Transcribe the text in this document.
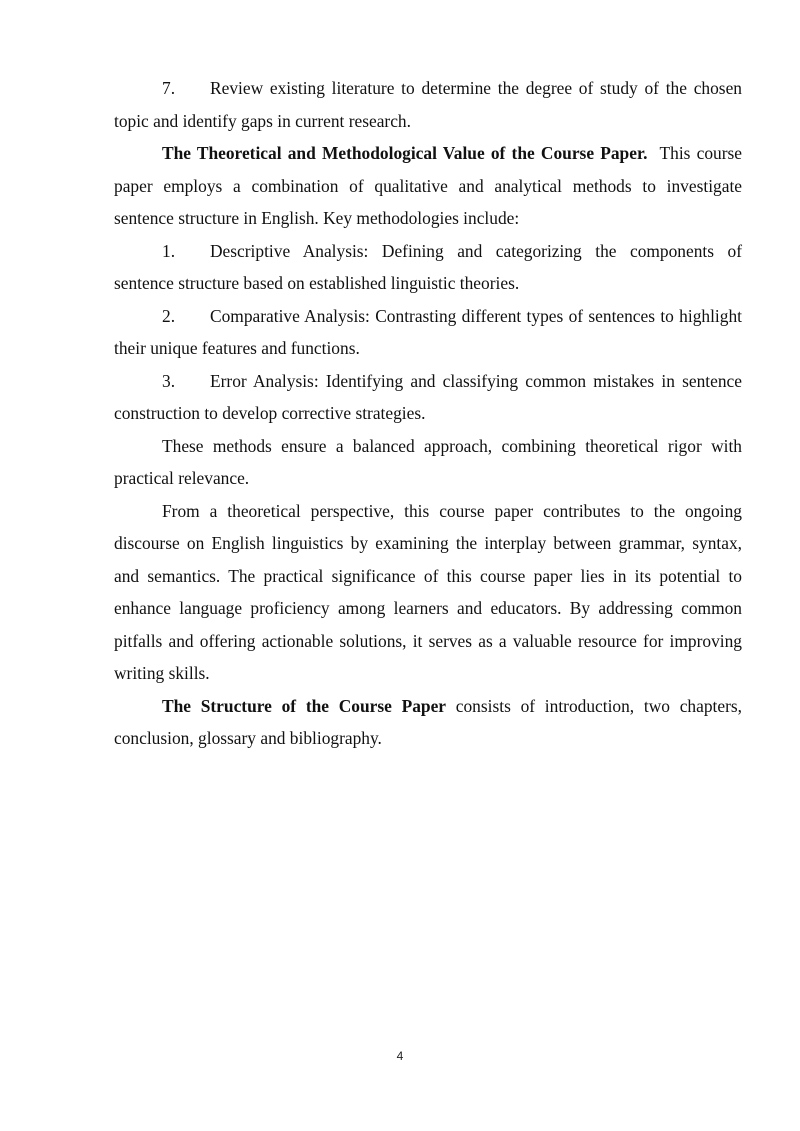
7. Review existing literature to determine the degree of study of the chosen topic and identify gaps in current research.

The Theoretical and Methodological Value of the Course Paper. This course paper employs a combination of qualitative and analytical methods to investigate sentence structure in English. Key methodologies include:

1. Descriptive Analysis: Defining and categorizing the components of sentence structure based on established linguistic theories.

2. Comparative Analysis: Contrasting different types of sentences to highlight their unique features and functions.

3. Error Analysis: Identifying and classifying common mistakes in sentence construction to develop corrective strategies.

These methods ensure a balanced approach, combining theoretical rigor with practical relevance.

From a theoretical perspective, this course paper contributes to the ongoing discourse on English linguistics by examining the interplay between grammar, syntax, and semantics. The practical significance of this course paper lies in its potential to enhance language proficiency among learners and educators. By addressing common pitfalls and offering actionable solutions, it serves as a valuable resource for improving writing skills.

The Structure of the Course Paper consists of introduction, two chapters, conclusion, glossary and bibliography.

4
